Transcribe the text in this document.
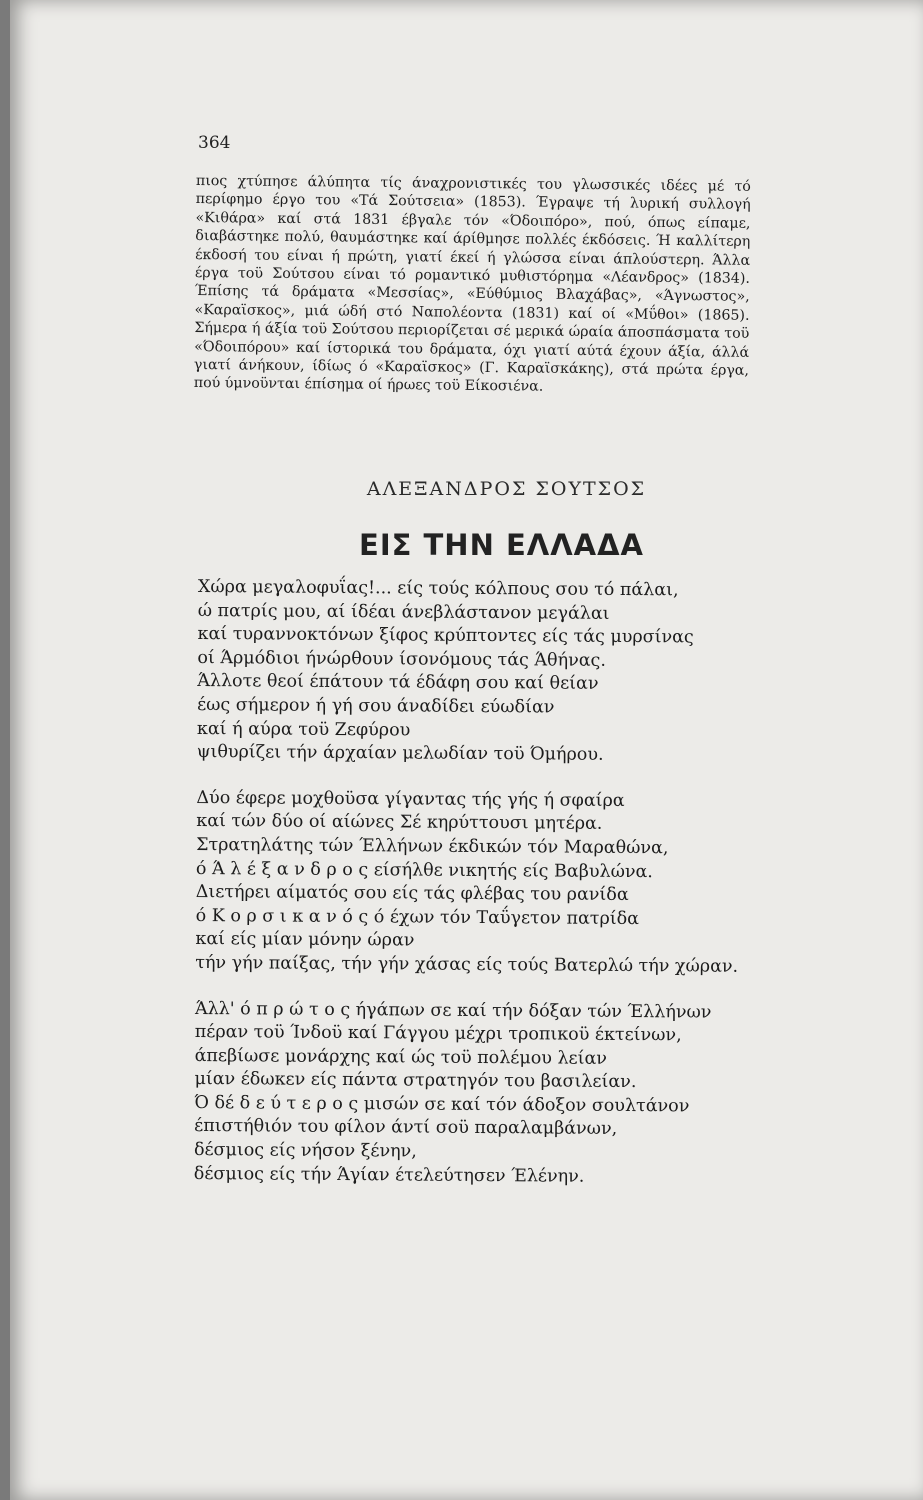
364

πιος χτύπησε άλύπητα τίς άναχρονιστικές του γλωσσικές ιδέες μέ τό περίφημο έργο του «Τά Σούτσεια» (1853). Έγραψε τή λυρική συλλογή «Κιθάρα» καί στά 1831 έβγαλε τόν «Όδοιπόρο», πού, όπως είπαμε, διαβάστηκε πολύ, θαυμάστηκε καί άρίθμησε πολλές έκδόσεις. Ή καλλίτερη έκδοσή του είναι ή πρώτη, γιατί έκεί ή γλώσσα είναι άπλούστερη. Άλλα έργα τοϋ Σούτσου είναι τό ρομαντικό μυθιστόρημα «Λέανδρος» (1834). Έπίσης τά δράματα «Μεσσίας», «Εύθύμιος Βλαχάβας», «Άγνωστος», «Καραϊσκος», μιά ώδή στό Ναπολέοντα (1831) καί οί «Μΰθοι» (1865). Σήμερα ή άξία τοϋ Σούτσου περιορίζεται σέ μερικά ώραία άποσπάσματα τοϋ «Όδοιπόρου» καί ίστορικά του δράματα, όχι γιατί αύτά έχουν άξία, άλλά γιατί άνήκουν, ίδίως ό «Καραϊσκος» (Γ. Καραϊσκάκης), στά πρώτα έργα, πού ύμνοϋνται έπίσημα οί ήρωες τοϋ Είκοσιένα.

ΑΛΕΞΑΝΔΡΟΣ ΣΟΥΤΣΟΣ
ΕΙΣ ΤΗΝ ΕΛΛΑΔΑ
Χώρα μεγαλοφυΐας!... είς τούς κόλπους σου τό πάλαι,
ώ πατρίς μου, αί ίδέαι άνεβλάστανον μεγάλαι
καί τυραννοκτόνων ξίφος κρύπτοντες είς τάς μυρσίνας
οί Άρμόδιοι ήνώρθουν ίσονόμους τάς Άθήνας.
Άλλοτε θεοί έπάτουν τά έδάφη σου καί θείαν
έως σήμερον ή γή σου άναδίδει εύωδίαν
καί ή αύρα τοϋ Ζεφύρου
ψιθυρίζει τήν άρχαίαν μελωδίαν τοϋ Όμήρου.
Δύο έφερε μοχθοϋσα γίγαντας τής γής ή σφαίρα
καί τών δύο οί αίώνες Σέ κηρύττουσι μητέρα.
Στρατηλάτης τών Έλλήνων έκδικών τόν Μαραθώνα,
ό Ά λ έ ξ α ν δ ρ ο ς είσήλθε νικητής είς Βαβυλώνα.
Διετήρει αίματός σου είς τάς φλέβας του ρανίδα
ό Κ ο ρ σ ι κ α ν ό ς ό έχων τόν Ταΰγετον πατρίδα
καί είς μίαν μόνην ώραν
τήν γήν παίξας, τήν γήν χάσας είς τούς Βατερλώ τήν χώραν.
Άλλ' ό π ρ ώ τ ο ς ήγάπων σε καί τήν δόξαν τών Έλλήνων
πέραν τοϋ Ίνδοϋ καί Γάγγου μέχρι τροπικοϋ έκτείνων,
άπεβίωσε μονάρχης καί ώς τοϋ πολέμου λείαν
μίαν έδωκεν είς πάντα στρατηγόν του βασιλείαν.
Ό δέ δ ε ύ τ ε ρ ο ς μισών σε καί τόν άδοξον σουλτάνον
έπιστήθιόν του φίλον άντί σοϋ παραλαμβάνων,
δέσμιος είς νήσον ξένην,
δέσμιος είς τήν Άγίαν έτελεύτησεν Έλένην.
